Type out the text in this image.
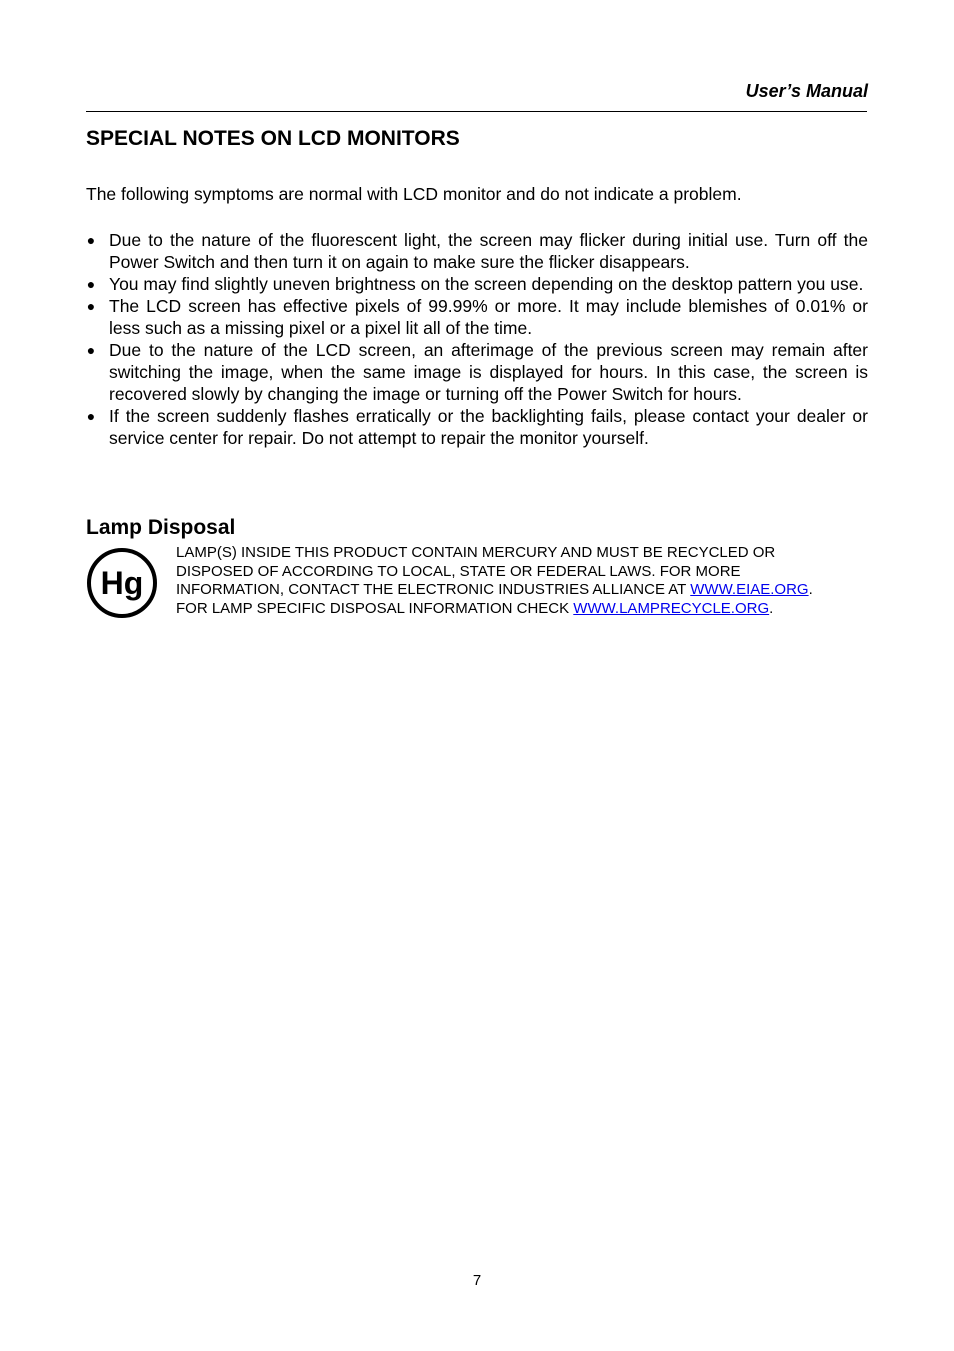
User’s Manual
SPECIAL NOTES ON LCD MONITORS
The following symptoms are normal with LCD monitor and do not indicate a problem.
● Due to the nature of the fluorescent light, the screen may flicker during initial use. Turn off the Power Switch and then turn it on again to make sure the flicker disappears.
● You may find slightly uneven brightness on the screen depending on the desktop pattern you use.
● The LCD screen has effective pixels of 99.99% or more. It may include blemishes of 0.01% or less such as a missing pixel or a pixel lit all of the time.
● Due to the nature of the LCD screen, an afterimage of the previous screen may remain after switching the image, when the same image is displayed for hours. In this case, the screen is recovered slowly by changing the image or turning off the Power Switch for hours.
● If the screen suddenly flashes erratically or the backlighting fails, please contact your dealer or service center for repair. Do not attempt to repair the monitor yourself.
Lamp Disposal
Hg
LAMP(S) INSIDE THIS PRODUCT CONTAIN MERCURY AND MUST BE RECYCLED OR
DISPOSED OF ACCORDING TO LOCAL, STATE OR FEDERAL LAWS. FOR MORE
INFORMATION, CONTACT THE ELECTRONIC INDUSTRIES ALLIANCE AT WWW.EIAE.ORG.
FOR LAMP SPECIFIC DISPOSAL INFORMATION CHECK WWW.LAMPRECYCLE.ORG.
7
